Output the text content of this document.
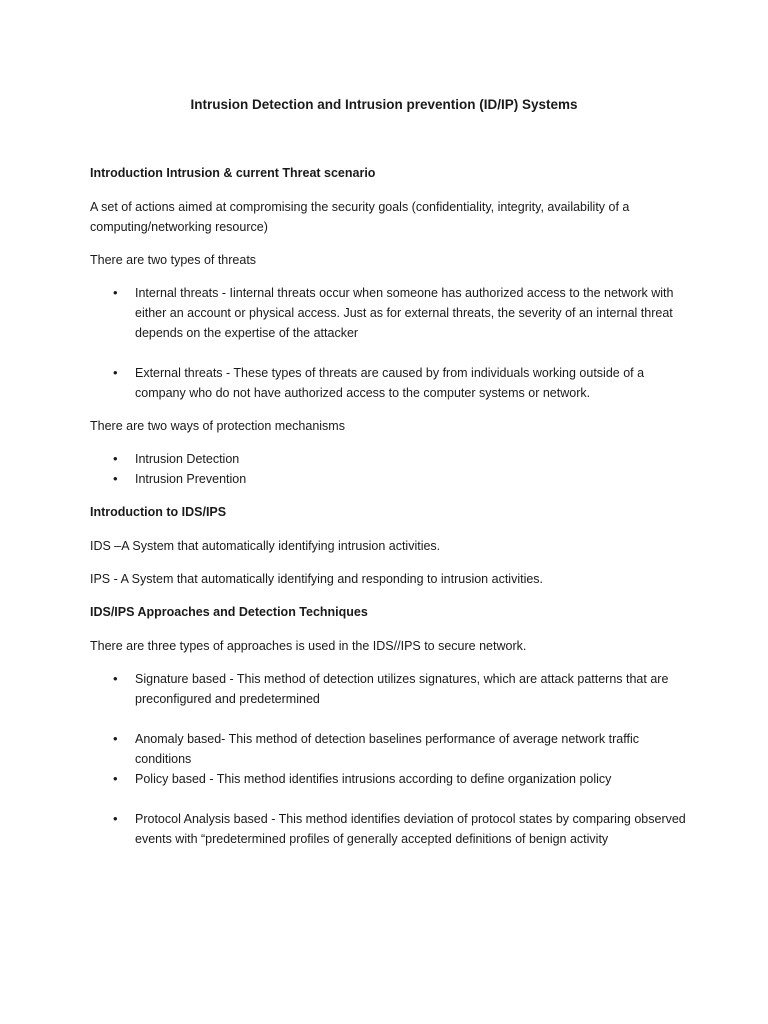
Intrusion Detection and Intrusion prevention (ID/IP) Systems
Introduction Intrusion & current Threat scenario
A set of actions aimed at compromising the security goals (confidentiality, integrity, availability of a computing/networking resource)
There are two types of threats
• Internal threats - Iinternal threats occur when someone has authorized access to the network with either an account or physical access. Just as for external threats, the severity of an internal threat depends on the expertise of the attacker
• External threats - These types of threats are caused by from individuals working outside of a company who do not have authorized access to the computer systems or network.
There are two ways of protection mechanisms
• Intrusion Detection
• Intrusion Prevention
Introduction to IDS/IPS
IDS –A System that automatically identifying intrusion activities.
IPS - A System that automatically identifying and responding to intrusion activities.
IDS/IPS Approaches and Detection Techniques
There are three types of approaches is used in the IDS//IPS to secure network.
• Signature based - This method of detection utilizes signatures, which are attack patterns that are preconfigured and predetermined
• Anomaly based- This method of detection baselines performance of average network traffic conditions
• Policy based - This method identifies intrusions according to define organization policy
• Protocol Analysis based - This method identifies deviation of protocol states by comparing observed events with “predetermined profiles of generally accepted definitions of benign activity
